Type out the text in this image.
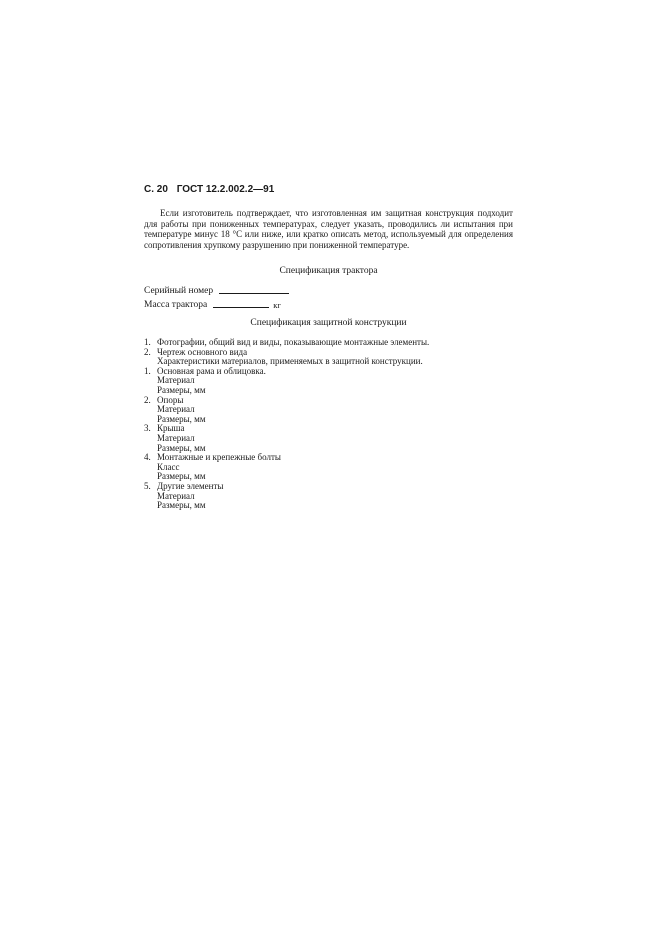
С. 20 ГОСТ 12.2.002.2—91

Если изготовитель подтверждает, что изготовленная им защитная конструкция подходит для работы при пониженных температурах, следует указать, проводились ли испытания при температуре минус 18 °С или ниже, или кратко описать метод, используемый для определения сопротивления хрупкому разрушению при пониженной температуре.

Спецификация трактора
Серийный номер
Масса трактора	кг
Спецификация защитной конструкции
1. Фотографии, общий вид и виды, показывающие монтажные элементы.
2. Чертеж основного вида
Характеристики материалов, применяемых в защитной конструкции.
1. Основная рама и облицовка.
Материал
Размеры, мм
2. Опоры
Материал
Размеры, мм
3. Крыша
Материал
Размеры, мм
4. Монтажные и крепежные болты
Класс
Размеры, мм
5. Другие элементы
Материал
Размеры, мм
